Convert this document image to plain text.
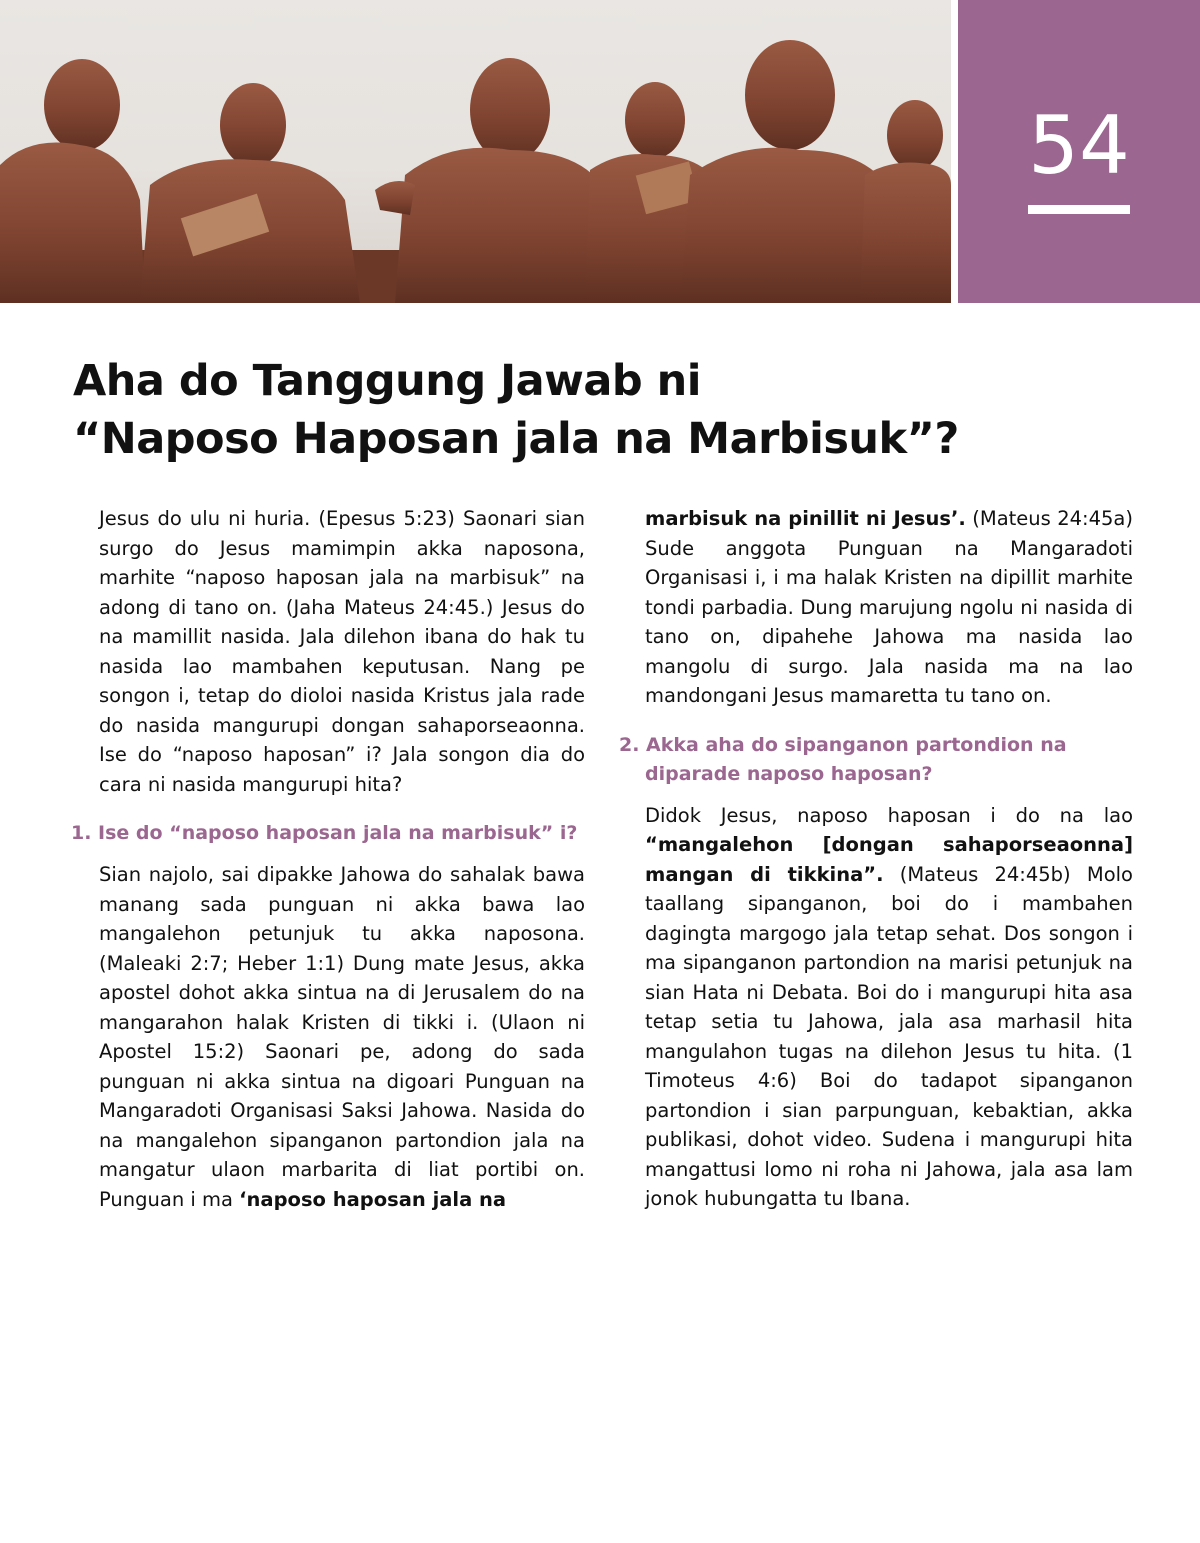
54
Aha do Tanggung Jawab ni
“Naposo Haposan jala na Marbisuk”?

Jesus do ulu ni huria. (Epesus 5:23) Saonari sian surgo do Jesus mamimpin akka naposona, marhite “naposo haposan jala na marbisuk” na adong di tano on. (Jaha Mateus 24:45.) Jesus do na mamillit nasida. Jala dilehon ibana do hak tu nasida lao mambahen keputusan. Nang pe songon i, tetap do dioloi nasida Kristus jala rade do nasida mangurupi dongan sahaporseaonna. Ise do “naposo haposan” i? Jala songon dia do cara ni nasida mangurupi hita?

1. Ise do “naposo haposan jala na marbisuk” i?

Sian najolo, sai dipakke Jahowa do sahalak bawa manang sada punguan ni akka bawa lao mangalehon petunjuk tu akka naposona. (Maleaki 2:7; Heber 1:1) Dung mate Jesus, akka apostel dohot akka sintua na di Jerusalem do na mangarahon halak Kristen di tikki i. (Ulaon ni Apostel 15:2) Saonari pe, adong do sada punguan ni akka sintua na digoari Punguan na Mangaradoti Organisasi Saksi Jahowa. Nasida do na mangalehon sipanganon partondion jala na mangatur ulaon marbarita di liat portibi on. Punguan i ma ‘naposo haposan jala na

marbisuk na pinillit ni Jesus’. (Mateus 24:45a) Sude anggota Punguan na Mangaradoti Organisasi i, i ma halak Kristen na dipillit marhite tondi parbadia. Dung marujung ngolu ni nasida di tano on, dipahehe Jahowa ma nasida lao mangolu di surgo. Jala nasida ma na lao mandongani Jesus mamaretta tu tano on.

2. Akka aha do sipanganon partondion na diparade naposo haposan?

Didok Jesus, naposo haposan i do na lao “mangalehon [dongan sahaporseaonna] mangan di tikkina”. (Mateus 24:45b) Molo taallang sipanganon, boi do i mambahen dagingta margogo jala tetap sehat. Dos songon i ma sipanganon partondion na marisi petunjuk na sian Hata ni Debata. Boi do i mangurupi hita asa tetap setia tu Jahowa, jala asa marhasil hita mangulahon tugas na dilehon Jesus tu hita. (1 Timoteus 4:6) Boi do tadapot sipanganon partondion i sian parpunguan, kebaktian, akka publikasi, dohot video. Sudena i mangurupi hita mangattusi lomo ni roha ni Jahowa, jala asa lam jonok hubungatta tu Ibana.
